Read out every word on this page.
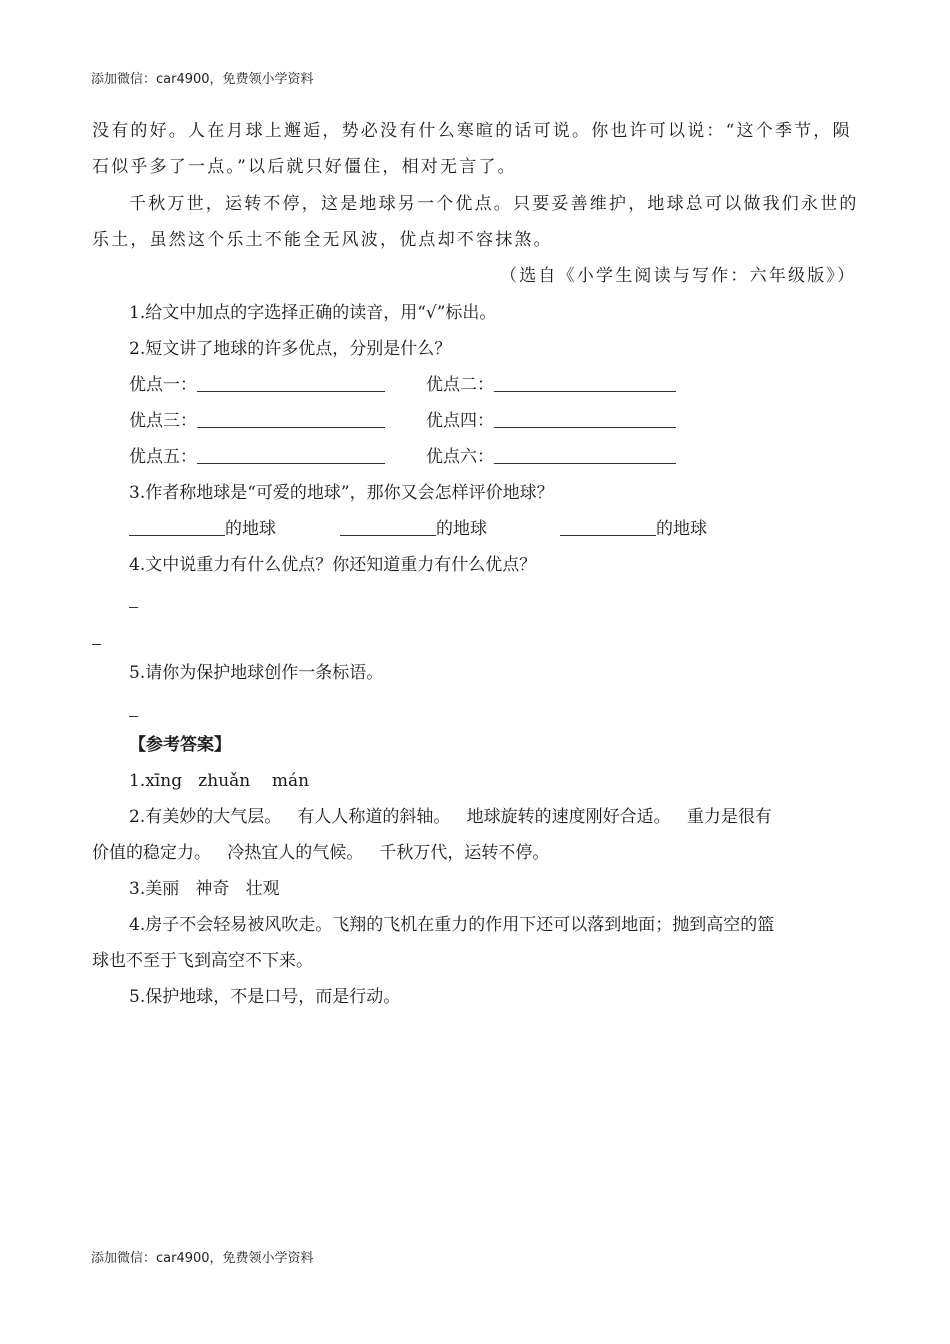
添加微信：car4900，免费领小学资料
没有的好。人在月球上邂逅，势必没有什么寒暄的话可说。你也许可以说：“这个季节，陨
石似乎多了一点。”以后就只好僵住，相对无言了。
千秋万世，运转不停，这是地球另一个优点。只要妥善维护，地球总可以做我们永世的
乐土，虽然这个乐土不能全无风波，优点却不容抹煞。
（选自《小学生阅读与写作：六年级版》）
1.给文中加点的字选择正确的读音，用“√”标出。
2.短文讲了地球的许多优点，分别是什么？
优点一：	优点二：
优点三：	优点四：
优点五：	优点六：
3.作者称地球是“可爱的地球”，那你又会怎样评价地球？
的地球	的地球	的地球
4.文中说重力有什么优点？你还知道重力有什么优点？
5.请你为保护地球创作一条标语。
【参考答案】
1.xīng   zhuǎn    mán
2.有美妙的大气层。   有人人称道的斜轴。   地球旋转的速度刚好合适。   重力是很有
价值的稳定力。   冷热宜人的气候。   千秋万代，运转不停。
3.美丽   神奇   壮观
4.房子不会轻易被风吹走。飞翔的飞机在重力的作用下还可以落到地面；抛到高空的篮
球也不至于飞到高空不下来。
5.保护地球，不是口号，而是行动。
添加微信：car4900，免费领小学资料
